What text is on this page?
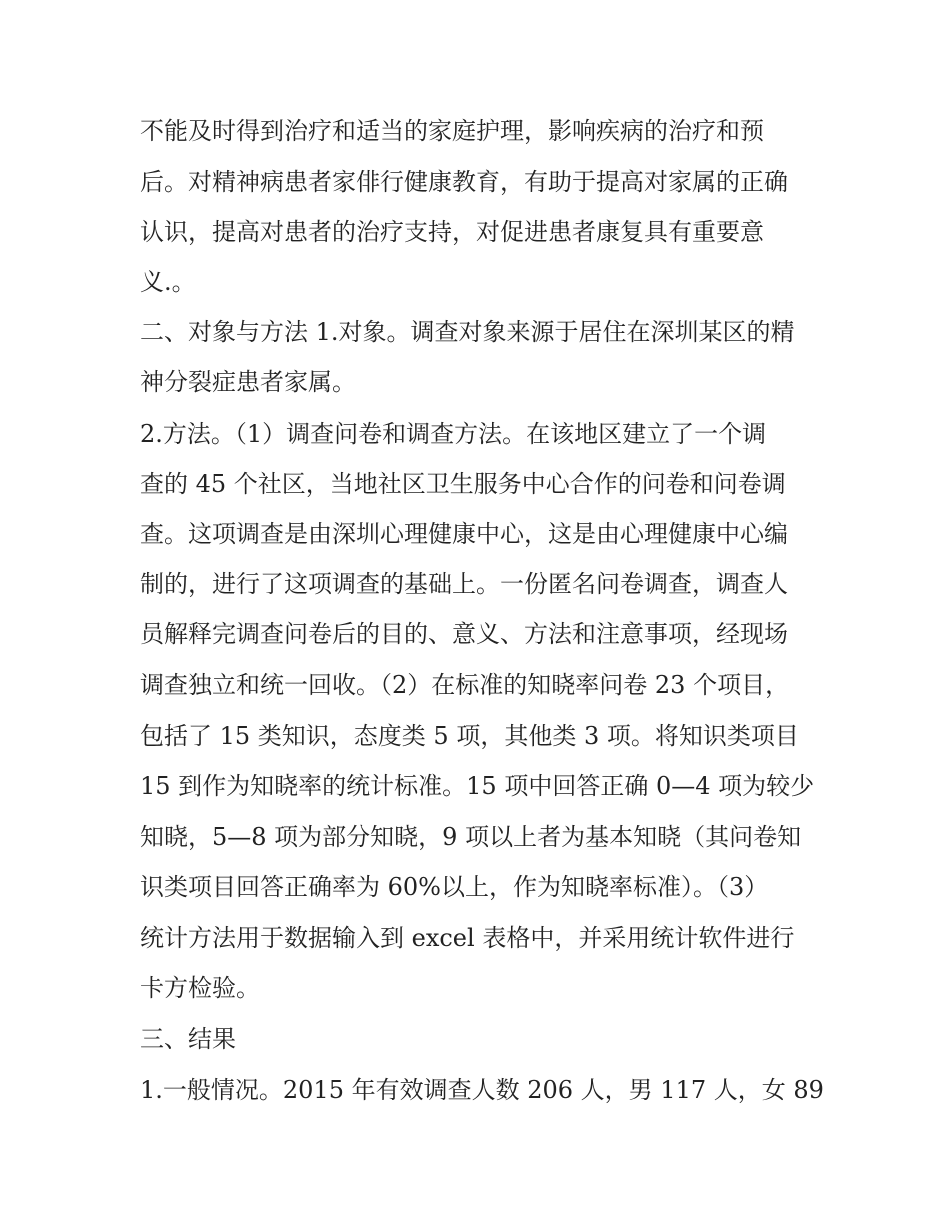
不能及时得到治疗和适当的家庭护理，影响疾病的治疗和预
后。对精神病患者家俳行健康教育，有助于提高对家属的正确
认识，提高对患者的治疗支持，对促进患者康复具有重要意
义.。
二、对象与方法 1.对象。调查对象来源于居住在深圳某区的精
神分裂症患者家属。
2.方法。（1）调查问卷和调查方法。在该地区建立了一个调
查的 45 个社区，当地社区卫生服务中心合作的问卷和问卷调
查。这项调查是由深圳心理健康中心，这是由心理健康中心编
制的，进行了这项调查的基础上。一份匿名问卷调查，调查人
员解释完调查问卷后的目的、意义、方法和注意事项，经现场
调查独立和统一回收。（2）在标准的知晓率问卷 23 个项目，
包括了 15 类知识，态度类 5 项，其他类 3 项。将知识类项目
15 到作为知晓率的统计标准。15 项中回答正确 0—4 项为较少
知晓，5—8 项为部分知晓，9 项以上者为基本知晓（其问卷知
识类项目回答正确率为 60%以上，作为知晓率标准）。（3）
统计方法用于数据输入到 excel 表格中，并采用统计软件进行
卡方检验。
三、结果
1.一般情况。2015 年有效调查人数 206 人，男 117 人，女 89
